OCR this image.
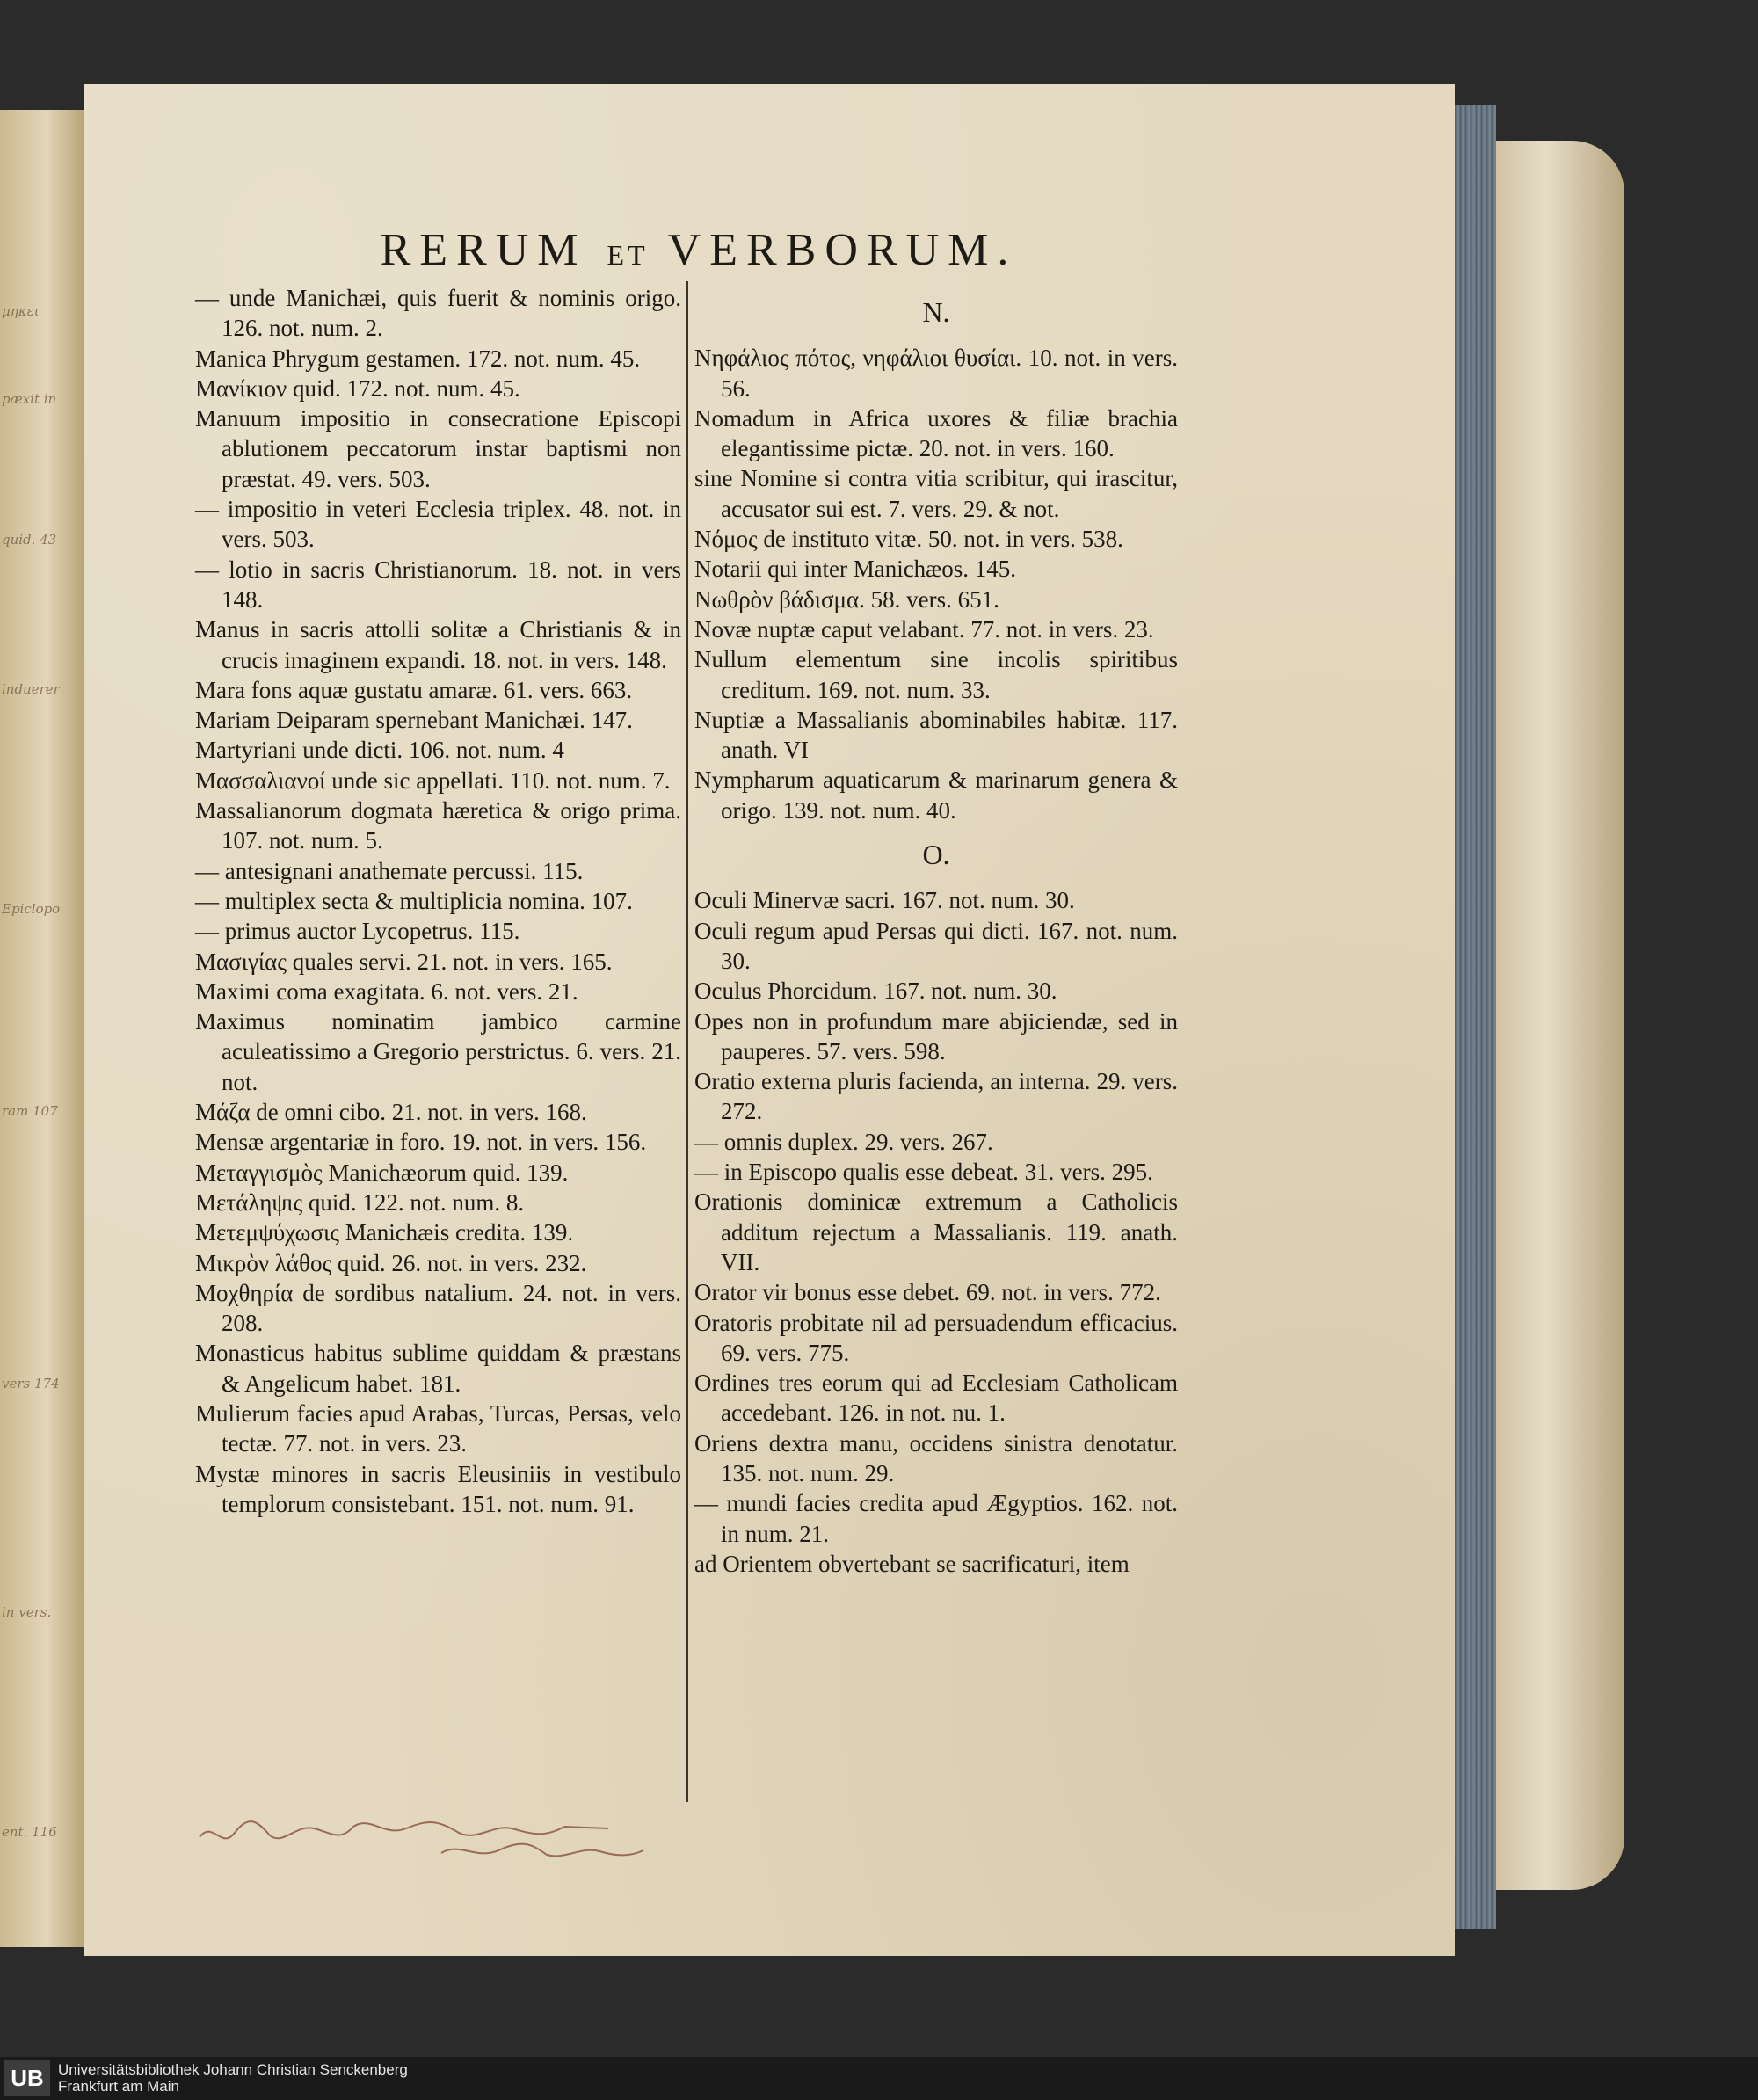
μηκει
pæxit in
quid. 43
induerer
Epiclopo
ram 107
vers 174
in vers.
ent. 116
RERUM ET VERBORUM.
— unde Manichæi, quis fuerit & nominis origo. 126. not. num. 2.
Manica Phrygum gestamen. 172. not. num. 45.
Μανίκιον quid. 172. not. num. 45.
Manuum impositio in consecratione Episcopi ablutionem peccatorum instar baptismi non præstat. 49. vers. 503.
— impositio in veteri Ecclesia triplex. 48. not. in vers. 503.
— lotio in sacris Christianorum. 18. not. in vers 148.
Manus in sacris attolli solitæ a Christianis & in crucis imaginem expandi. 18. not. in vers. 148.
Mara fons aquæ gustatu amaræ. 61. vers. 663.
Mariam Deiparam spernebant Manichæi. 147.
Martyriani unde dicti. 106. not. num. 4
Μασσαλιανοί unde sic appellati. 110. not. num. 7.
Massalianorum dogmata hæretica & origo prima. 107. not. num. 5.
— antesignani anathemate percussi. 115.
— multiplex secta & multiplicia nomina. 107.
— primus auctor Lycopetrus. 115.
Μασιγίας quales servi. 21. not. in vers. 165.
Maximi coma exagitata. 6. not. vers. 21.
Maximus nominatim jambico carmine aculeatissimo a Gregorio perstrictus. 6. vers. 21. not.
Μάζα de omni cibo. 21. not. in vers. 168.
Mensæ argentariæ in foro. 19. not. in vers. 156.
Μεταγγισμὸς Manichæorum quid. 139.
Μετάληψις quid. 122. not. num. 8.
Μετεμψύχωσις Manichæis credita. 139.
Μικρὸν λάθος quid. 26. not. in vers. 232.
Μοχθηρία de sordibus natalium. 24. not. in vers. 208.
Monasticus habitus sublime quiddam & præstans & Angelicum habet. 181.
Mulierum facies apud Arabas, Turcas, Persas, velo tectæ. 77. not. in vers. 23.
Mystæ minores in sacris Eleusiniis in vestibulo templorum consistebant. 151. not. num. 91.
N.
Νηφάλιος πότος, νηφάλιοι θυσίαι. 10. not. in vers. 56.
Nomadum in Africa uxores & filiæ brachia elegantissime pictæ. 20. not. in vers. 160.
sine Nomine si contra vitia scribitur, qui irascitur, accusator sui est. 7. vers. 29. & not.
Νόμος de instituto vitæ. 50. not. in vers. 538.
Notarii qui inter Manichæos. 145.
Νωθρὸν βάδισμα. 58. vers. 651.
Novæ nuptæ caput velabant. 77. not. in vers. 23.
Nullum elementum sine incolis spiritibus creditum. 169. not. num. 33.
Nuptiæ a Massalianis abominabiles habitæ. 117. anath. VI
Nympharum aquaticarum & marinarum genera & origo. 139. not. num. 40.
O.
Oculi Minervæ sacri. 167. not. num. 30.
Oculi regum apud Persas qui dicti. 167. not. num. 30.
Oculus Phorcidum. 167. not. num. 30.
Opes non in profundum mare abjiciendæ, sed in pauperes. 57. vers. 598.
Oratio externa pluris facienda, an interna. 29. vers. 272.
— omnis duplex. 29. vers. 267.
— in Episcopo qualis esse debeat. 31. vers. 295.
Orationis dominicæ extremum a Catholicis additum rejectum a Massalianis. 119. anath. VII.
Orator vir bonus esse debet. 69. not. in vers. 772.
Oratoris probitate nil ad persuadendum efficacius. 69. vers. 775.
Ordines tres eorum qui ad Ecclesiam Catholicam accedebant. 126. in not. nu. 1.
Oriens dextra manu, occidens sinistra denotatur. 135. not. num. 29.
— mundi facies credita apud Ægyptios. 162. not. in num. 21.
ad Orientem obvertebant se sacrificaturi, item
UB Universitätsbibliothek Johann Christian Senckenberg
Frankfurt am Main
